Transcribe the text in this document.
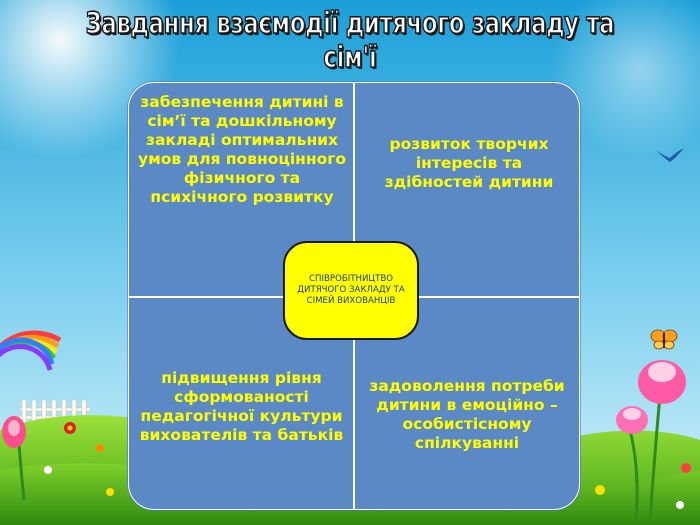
Завдання взаємодії дитячого закладу та сім'ї
забезпечення дитині в сім’ї та дошкільному закладі оптимальних умов для повноцінного фізичного та психічного розвитку
розвиток творчих інтересів та здібностей дитини
підвищення рівня сформованості педагогічної культури вихователів та батьків
задоволення потреби дитини в емоційно – особистісному спілкуванні
СПІВРОБІТНИЦТВО ДИТЯЧОГО ЗАКЛАДУ ТА СІМЕЙ ВИХОВАНЦІВ
